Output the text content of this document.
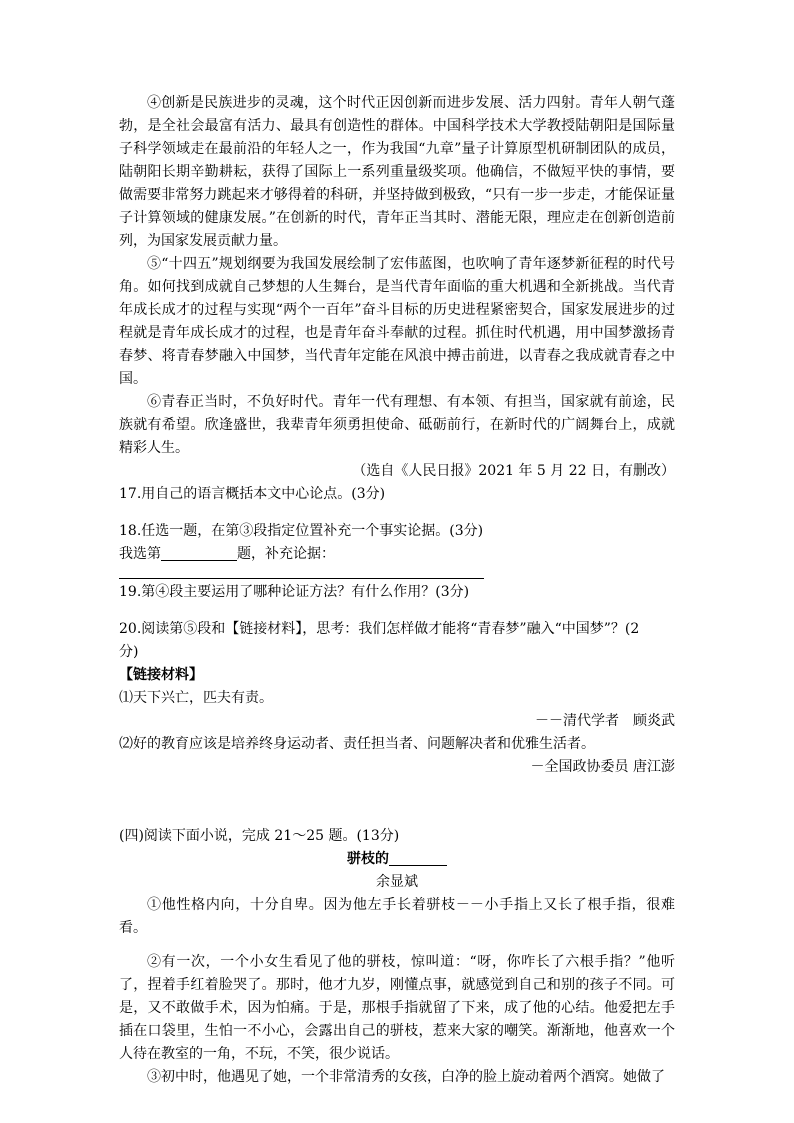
④创新是民族进步的灵魂，这个时代正因创新而进步发展、活力四射。青年人朝气蓬勃，是全社会最富有活力、最具有创造性的群体。中国科学技术大学教授陆朝阳是国际量子科学领域走在最前沿的年轻人之一，作为我国“九章”量子计算原型机研制团队的成员，陆朝阳长期辛勤耕耘，获得了国际上一系列重量级奖项。他确信，不做短平快的事情，要做需要非常努力跳起来才够得着的科研，并坚持做到极致，“只有一步一步走，才能保证量子计算领域的健康发展。”在创新的时代，青年正当其时、潜能无限，理应走在创新创造前列，为国家发展贡献力量。

⑤“十四五”规划纲要为我国发展绘制了宏伟蓝图，也吹响了青年逐梦新征程的时代号角。如何找到成就自己梦想的人生舞台，是当代青年面临的重大机遇和全新挑战。当代青年成长成才的过程与实现“两个一百年”奋斗目标的历史进程紧密契合，国家发展进步的过程就是青年成长成才的过程，也是青年奋斗奉献的过程。抓住时代机遇，用中国梦激扬青春梦、将青春梦融入中国梦，当代青年定能在风浪中搏击前进，以青春之我成就青春之中国。

⑥青春正当时，不负好时代。青年一代有理想、有本领、有担当，国家就有前途，民族就有希望。欣逢盛世，我辈青年须勇担使命、砥砺前行，在新时代的广阔舞台上，成就精彩人生。

（选自《人民日报》2021 年 5 月 22 日，有删改）

17.用自己的语言概括本文中心论点。(3分)

18.任选一题，在第③段指定位置补充一个事实论据。(3分)

我选第	题，补充论据：

19.第④段主要运用了哪种论证方法？有什么作用？(3分)

20.阅读第⑤段和【链接材料】，思考：我们怎样做才能将“青春梦”融入“中国梦”？(2

分)

【链接材料】

⑴天下兴亡，匹夫有责。

－－清代学者　顾炎武

⑵好的教育应该是培养终身运动者、责任担当者、问题解决者和优雅生活者。

－全国政协委员 唐江澎

(四)阅读下面小说，完成 21～25 题。(13分)

骈枝的

余显斌

①他性格内向，十分自卑。因为他左手长着骈枝－－小手指上又长了根手指，很难看。

②有一次，一个小女生看见了他的骈枝，惊叫道：“呀，你咋长了六根手指？”他听了，捏着手红着脸哭了。那时，他才九岁，刚懂点事，就感觉到自己和别的孩子不同。可是，又不敢做手术，因为怕痛。于是，那根手指就留了下来，成了他的心结。他爱把左手插在口袋里，生怕一不小心，会露出自己的骈枝，惹来大家的嘲笑。渐渐地，他喜欢一个人待在教室的一角，不玩，不笑，很少说话。

③初中时，他遇见了她，一个非常清秀的女孩，白净的脸上旋动着两个酒窝。她做了
